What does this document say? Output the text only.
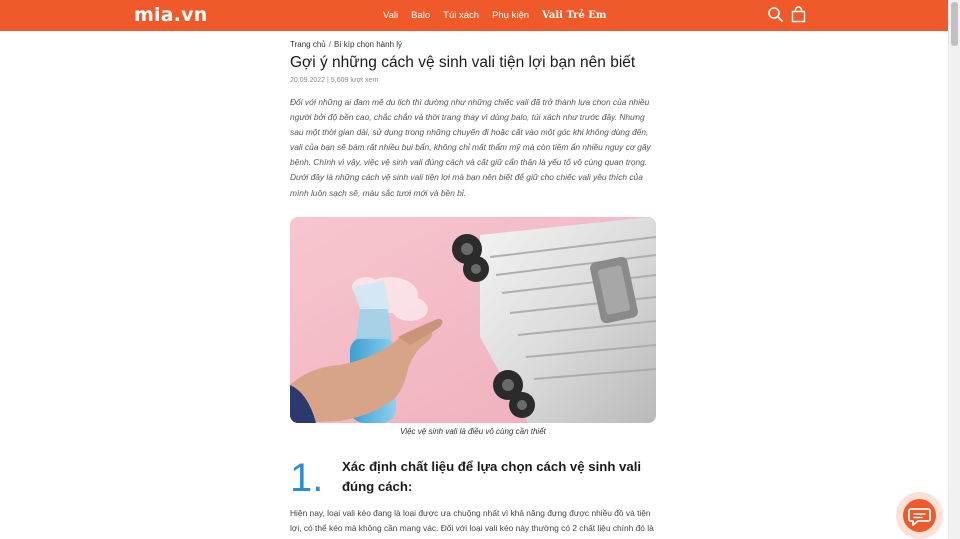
mia.vn	Vali Balo Túi xách Phụ kiện Vali Trẻ Em
Trang chủ / Bí kíp chọn hành lý
Gợi ý những cách vệ sinh vali tiện lợi bạn nên biết
20.09.2022 | 5,609 lượt xem

Đối với những ai đam mê du lịch thì dường như những chiếc vali đã trở thành lựa chọn của nhiều người bởi độ bền cao, chắc chắn và thời trang thay vì dùng balo, túi xách như trước đây. Nhưng sau một thời gian dài, sử dụng trong những chuyến đi hoặc cất vào một góc khi không dùng đến, vali của bạn sẽ bám rất nhiều bụi bẩn, không chỉ mất thẩm mỹ mà còn tiềm ẩn nhiều nguy cơ gây bệnh. Chính vì vậy, việc vệ sinh vali đúng cách và cất giữ cẩn thận là yếu tố vô cùng quan trọng. Dưới đây là những cách vệ sinh vali tiện lợi mà bạn nên biết để giữ cho chiếc vali yêu thích của mình luôn sạch sẽ, màu sắc tươi mới và bền bỉ.

Việc vệ sinh vali là điều vô cùng cần thiết
1. Xác định chất liệu để lựa chọn cách vệ sinh vali đúng cách:

Hiện nay, loại vali kéo đang là loại được ưa chuộng nhất vì khả năng đựng được nhiều đồ và tiện lợi, có thể kéo mà không cần mang vác. Đối với loại vali kéo này thường có 2 chất liệu chính đó là
